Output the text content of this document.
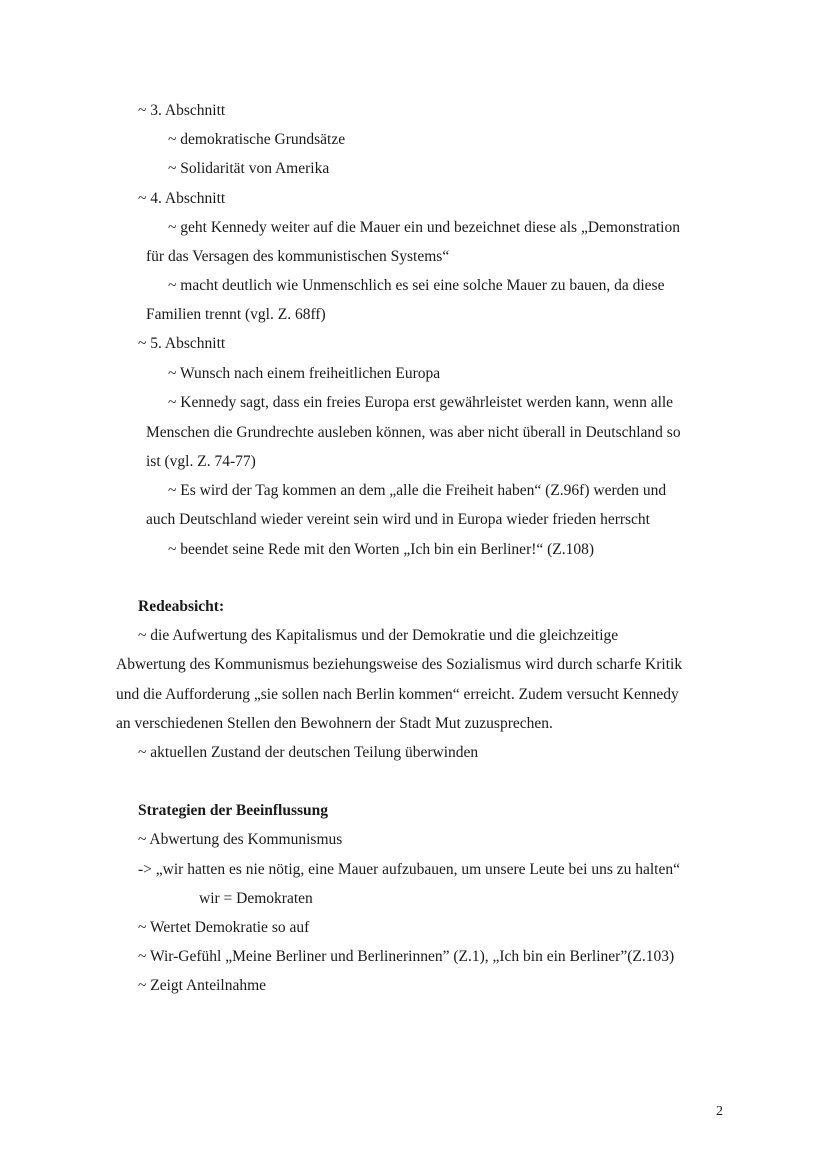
~ 3. Abschnitt
~ demokratische Grundsätze
~ Solidarität von Amerika
~ 4. Abschnitt
~ geht Kennedy weiter auf die Mauer ein und bezeichnet diese als „Demonstration
für das Versagen des kommunistischen Systems“
~ macht deutlich wie Unmenschlich es sei eine solche Mauer zu bauen, da diese
Familien trennt (vgl. Z. 68ff)
~ 5. Abschnitt
~ Wunsch nach einem freiheitlichen Europa
~ Kennedy sagt, dass ein freies Europa erst gewährleistet werden kann, wenn alle
Menschen die Grundrechte ausleben können, was aber nicht überall in Deutschland so
ist (vgl. Z. 74-77)
~ Es wird der Tag kommen an dem „alle die Freiheit haben“ (Z.96f) werden und
auch Deutschland wieder vereint sein wird und in Europa wieder frieden herrscht
~ beendet seine Rede mit den Worten „Ich bin ein Berliner!“ (Z.108)
Redeabsicht:
~ die Aufwertung des Kapitalismus und der Demokratie und die gleichzeitige
Abwertung des Kommunismus beziehungsweise des Sozialismus wird durch scharfe Kritik
und die Aufforderung „sie sollen nach Berlin kommen“ erreicht. Zudem versucht Kennedy
an verschiedenen Stellen den Bewohnern der Stadt Mut zuzusprechen.
~ aktuellen Zustand der deutschen Teilung überwinden
Strategien der Beeinflussung
~ Abwertung des Kommunismus
-> „wir hatten es nie nötig, eine Mauer aufzubauen, um unsere Leute bei uns zu halten“
wir = Demokraten
~ Wertet Demokratie so auf
~ Wir-Gefühl „Meine Berliner und Berlinerinnen” (Z.1), „Ich bin ein Berliner”(Z.103)
~ Zeigt Anteilnahme
2
